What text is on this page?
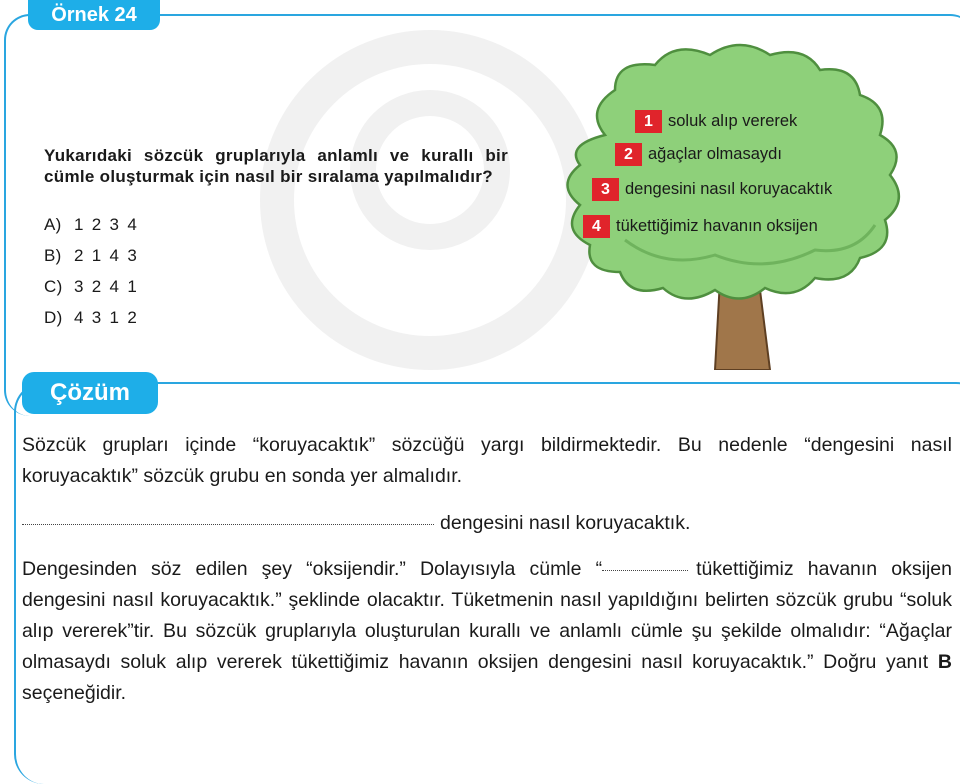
Örnek 24
Yukarıdaki sözcük gruplarıyla anlamlı ve kurallı bir cümle oluşturmak için nasıl bir sıralama yapılmalıdır?
A) 1 2 3 4
B) 2 1 4 3
C) 3 2 4 1
D) 4 3 1 2
1 soluk alıp vererek
2 ağaçlar olmasaydı
3 dengesini nasıl koruyacaktık
4 tükettiğimiz havanın oksijen
Çözüm
Sözcük grupları içinde “koruyacaktık” sözcüğü yargı bildirmektedir. Bu nedenle “dengesini nasıl koruyacaktık” sözcük grubu en sonda yer almalıdır.
dengesini nasıl koruyacaktık.
Dengesinden söz edilen şey “oksijendir.” Dolayısıyla cümle “	tükettiğimiz havanın oksijen dengesini nasıl koruyacaktık.” şeklinde olacaktır. Tüketmenin nasıl yapıldığını belirten sözcük grubu “soluk alıp vererek”tir. Bu sözcük gruplarıyla oluşturulan kurallı ve anlamlı cümle şu şekilde olmalıdır: “Ağaçlar olmasaydı soluk alıp vererek tükettiğimiz havanın oksijen dengesini nasıl koruyacaktık.” Doğru yanıt B seçeneğidir.
